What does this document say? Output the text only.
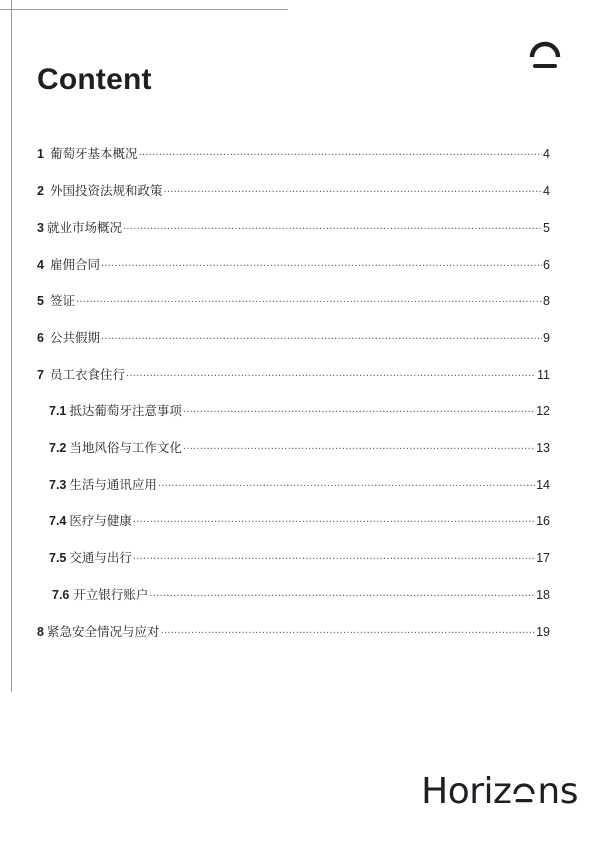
Content
1 葡萄牙基本概况 ·····	4
2 外国投资法规和政策 ·····	4
3 就业市场概况 ·····	5
4 雇佣合同 ·····	6
5 签证 ·····	8
6 公共假期 ·····	9
7 员工衣食住行 ·····	11
7.1 抵达葡萄牙注意事项 ·····	12
7.2 当地风俗与工作文化 ·····	13
7.3 生活与通讯应用 ·····	14
7.4 医疗与健康 ·····	16
7.5 交通与出行 ·····	17
7.6 开立银行账户 ·····	18
8 紧急安全情况与应对 ·····	19
Horiz ns
